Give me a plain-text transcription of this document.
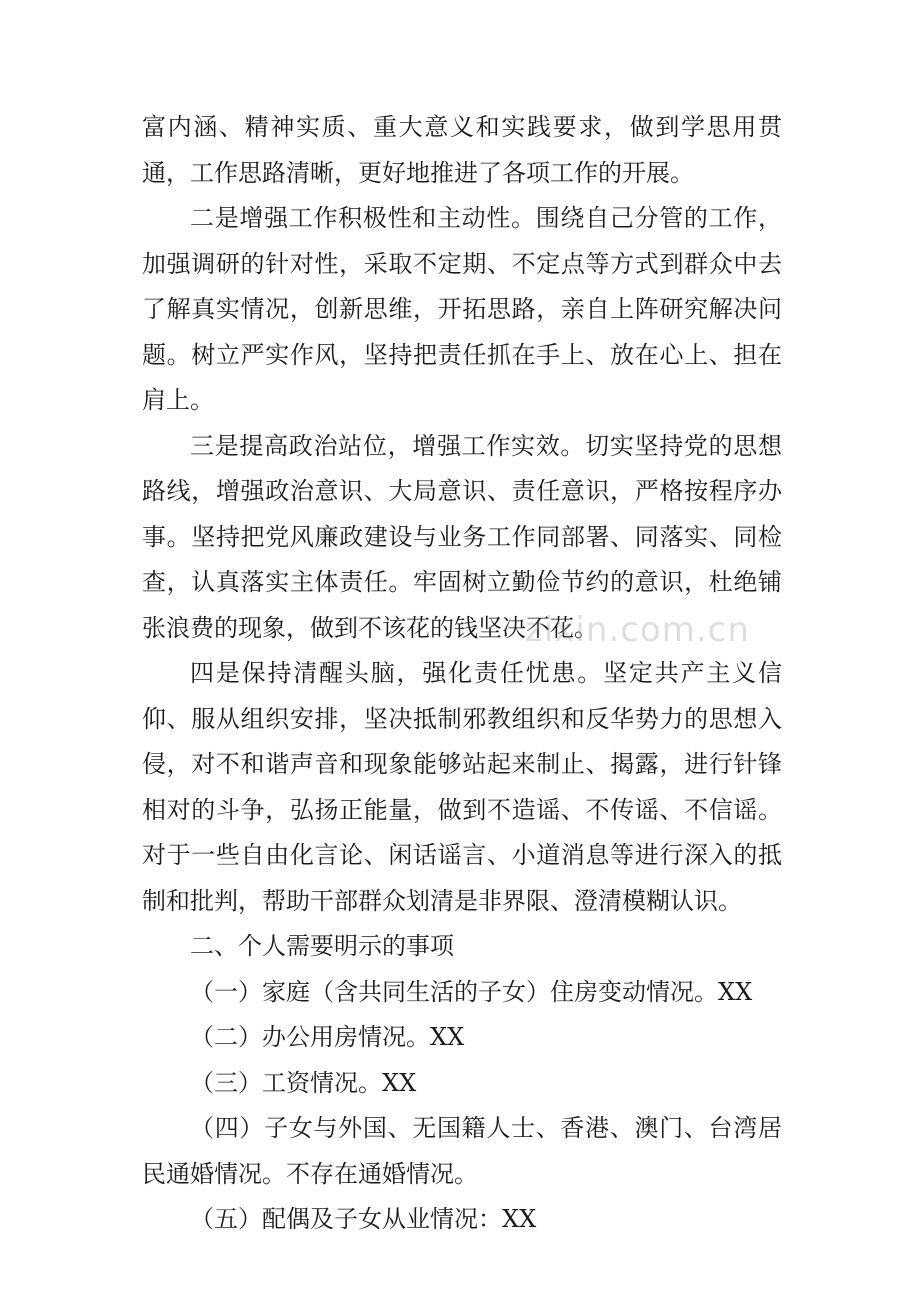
富内涵、精神实质、重大意义和实践要求，做到学思用贯通，工作思路清晰，更好地推进了各项工作的开展。

二是增强工作积极性和主动性。围绕自己分管的工作，加强调研的针对性，采取不定期、不定点等方式到群众中去了解真实情况，创新思维，开拓思路，亲自上阵研究解决问题。树立严实作风，坚持把责任抓在手上、放在心上、担在肩上。

三是提高政治站位，增强工作实效。切实坚持党的思想路线，增强政治意识、大局意识、责任意识，严格按程序办事。坚持把党风廉政建设与业务工作同部署、同落实、同检查，认真落实主体责任。牢固树立勤俭节约的意识，杜绝铺张浪费的现象，做到不该花的钱坚决不花。

四是保持清醒头脑，强化责任忧患。坚定共产主义信仰、服从组织安排，坚决抵制邪教组织和反华势力的思想入侵，对不和谐声音和现象能够站起来制止、揭露，进行针锋相对的斗争，弘扬正能量，做到不造谣、不传谣、不信谣。对于一些自由化言论、闲话谣言、小道消息等进行深入的抵制和批判，帮助干部群众划清是非界限、澄清模糊认识。

二、个人需要明示的事项

（一）家庭（含共同生活的子女）住房变动情况。XX

（二）办公用房情况。XX

（三）工资情况。XX

（四）子女与外国、无国籍人士、香港、澳门、台湾居民通婚情况。不存在通婚情况。

（五）配偶及子女从业情况：XX

zixin.com.cn
